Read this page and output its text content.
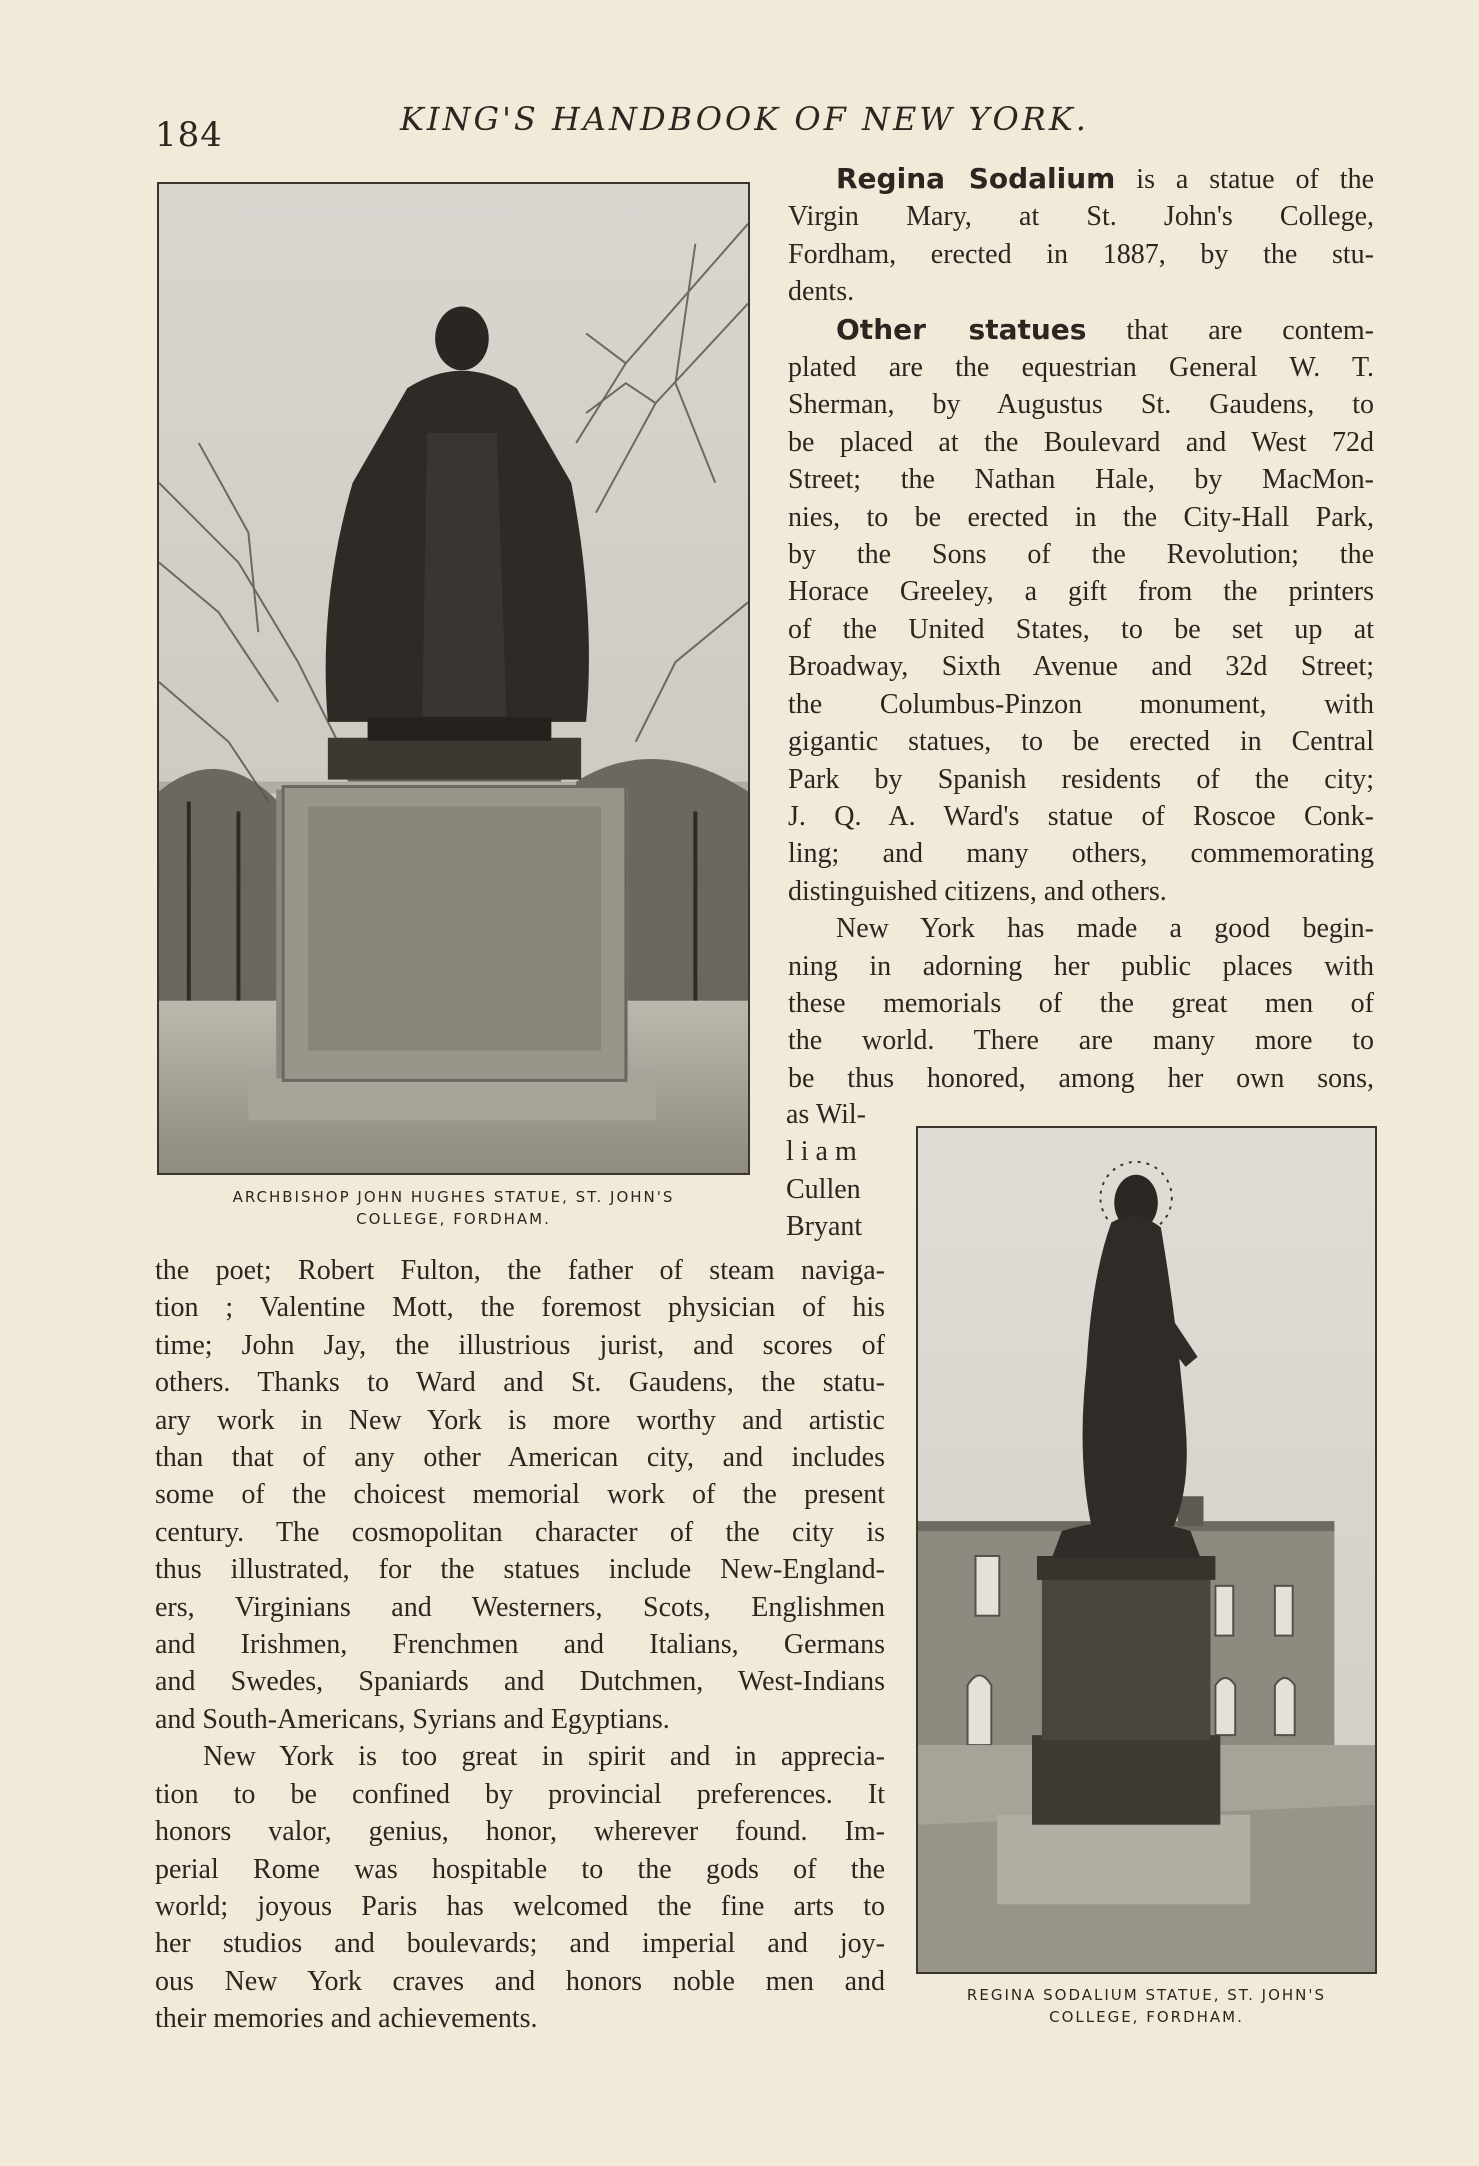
184	KING'S HANDBOOK OF NEW YORK.
ARCHBISHOP JOHN HUGHES STATUE, ST. JOHN'S
COLLEGE, FORDHAM.
Regina Sodalium is a statue of the
Virgin Mary, at St. John's College,
Fordham, erected in 1887, by the stu-
dents.
Other statues that are contem-
plated are the equestrian General W. T.
Sherman, by Augustus St. Gaudens, to
be placed at the Boulevard and West 72d
Street; the Nathan Hale, by MacMon-
nies, to be erected in the City-Hall Park,
by the Sons of the Revolution; the
Horace Greeley, a gift from the printers
of the United States, to be set up at
Broadway, Sixth Avenue and 32d Street;
the Columbus-Pinzon monument, with
gigantic statues, to be erected in Central
Park by Spanish residents of the city;
J. Q. A. Ward's statue of Roscoe Conk-
ling; and many others, commemorating
distinguished citizens, and others.
New York has made a good begin-
ning in adorning her public places with
these memorials of the great men of
the world. There are many more to
be thus honored, among her own sons,
as Wil-
l i a m
Cullen
Bryant
REGINA SODALIUM STATUE, ST. JOHN'S
COLLEGE, FORDHAM.
the poet; Robert Fulton, the father of steam naviga-
tion ; Valentine Mott, the foremost physician of his
time; John Jay, the illustrious jurist, and scores of
others. Thanks to Ward and St. Gaudens, the statu-
ary work in New York is more worthy and artistic
than that of any other American city, and includes
some of the choicest memorial work of the present
century. The cosmopolitan character of the city is
thus illustrated, for the statues include New-England-
ers, Virginians and Westerners, Scots, Englishmen
and Irishmen, Frenchmen and Italians, Germans
and Swedes, Spaniards and Dutchmen, West-Indians
and South-Americans, Syrians and Egyptians.
New York is too great in spirit and in apprecia-
tion to be confined by provincial preferences. It
honors valor, genius, honor, wherever found. Im-
perial Rome was hospitable to the gods of the
world; joyous Paris has welcomed the fine arts to
her studios and boulevards; and imperial and joy-
ous New York craves and honors noble men and
their memories and achievements.
